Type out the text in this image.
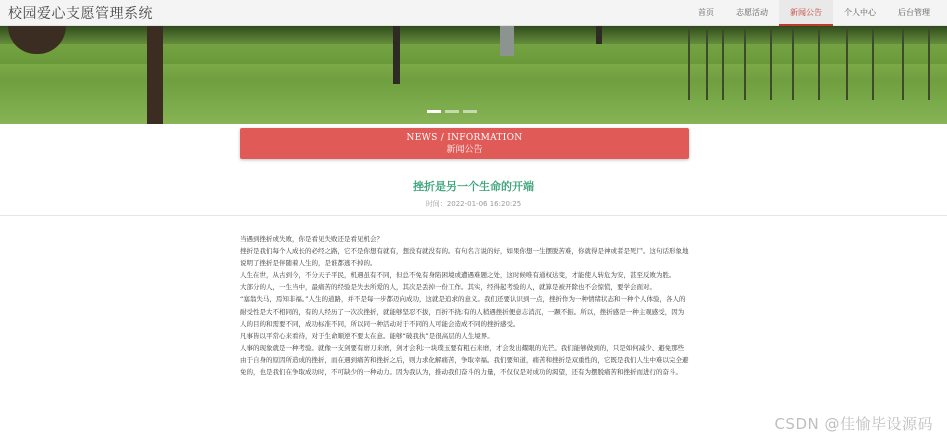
校园爱心支愿管理系统	首页	志愿活动	新闻公告	个人中心	后台管理
NEWS / INFORMATION
新闻公告
挫折是另一个生命的开端
时间：2022-01-06 16:20:25

当遇到挫折或失败，你是看见失败还是看见机会？

挫折是我们每个人成长的必经之路，它不是你想有就有，想没有就没有的。有句名言说的好，如果你想一生摆脱苦难，你就得是神或者是死尸。这句话形象地说明了挫折是伴随着人生的，是谁都逃不掉的。

人生在世，从古到今，不分天子平民，机遇虽有不同，但总不免有身陷困境或遭遇难题之处，这时候唯有通权达变，才能使人转危为安，甚至反败为胜。

大部分的人，一生当中，最痛苦的经验是失去所爱的人，其次是丢掉一份工作。其实，经得起考验的人，就算是被开除也不会惊慌，要学会面对。

“塞翁失马，焉知非福。”人生的道路，并不是每一步都迈向成功，这就是追求的意义。我们还要认识到一点，挫折作为一种情绪状态和一种个人体验，各人的耐受性是大不相同的，有的人经历了一次次挫折，就能够坚忍不拔，百折不挠;有的人稍遇挫折便意志消沉，一蹶不振。所以，挫折感是一种主观感受，因为人的目的和需要不同，成功标准不同，所以同一种活动对于不同的人可能会造成不同的挫折感受。

凡事皆以平常心来看待，对于生命顺逆不要太在意。能够“破我执”是很高层的人生境界。

人事的现象就是一种考验。就像一支剑要有磨刀来磨，剑才会利;一块璞玉要有粗石来磨，才会发出耀眼的光芒。我们能够做到的，只是如何减少、避免那些由于自身的原因所造成的挫折，而在遇到痛苦和挫折之后，则力求化解痛苦，争取幸福。我们要知道，痛苦和挫折是双重性的，它既是我们人生中难以完全避免的，也是我们在争取成功时，不可缺少的一种动力。因为我认为，推动我们奋斗的力量，不仅仅是对成功的渴望，还有为摆脱痛苦和挫折而进行的奋斗。

CSDN @佳愉毕设源码
